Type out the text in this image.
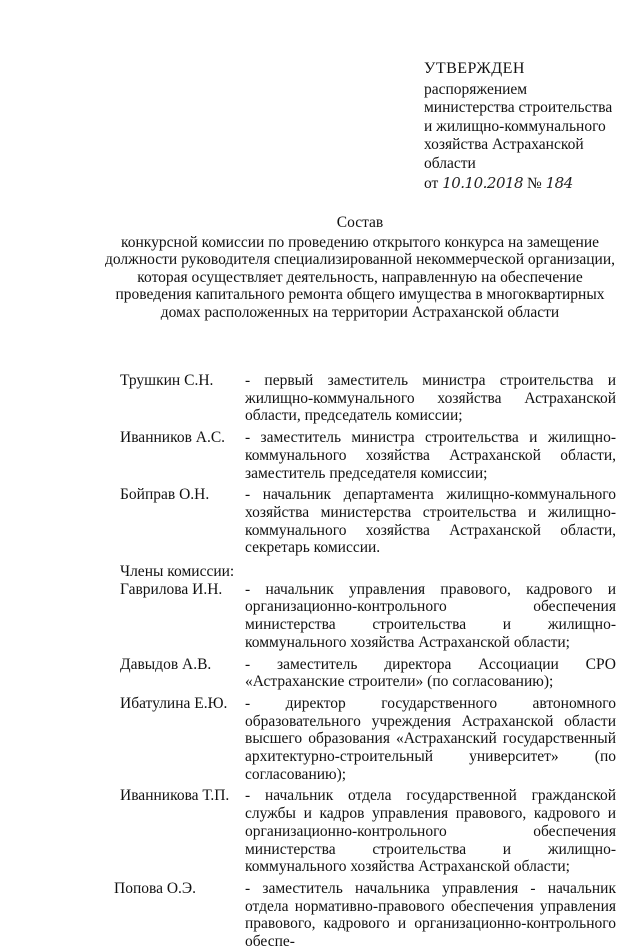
УТВЕРЖДЕН
распоряжением
министерства строительства
и жилищно-коммунального
хозяйства Астраханской
области
от 10.10.2018 № 184
Состав
конкурсной комиссии по проведению открытого конкурса на замещение должности руководителя специализированной некоммерческой организации, которая осуществляет деятельность, направленную на обеспечение проведения капитального ремонта общего имущества в многоквартирных домах расположенных на территории Астраханской области
Трушкин С.Н.	- первый заместитель министра строительства и жилищно-коммунального хозяйства Астраханской области, председатель комиссии;
Иванников А.С.	- заместитель министра строительства и жилищно-коммунального хозяйства Астраханской области, заместитель председателя комиссии;
Бойправ О.Н.	- начальник департамента жилищно-коммунального хозяйства министерства строительства и жилищно-коммунального хозяйства Астраханской области, секретарь комиссии.
Члены комиссии:
Гаврилова И.Н.	- начальник управления правового, кадрового и организационно-контрольного обеспечения министерства строительства и жилищно-коммунального хозяйства Астраханской области;
Давыдов А.В.	- заместитель директора Ассоциации СРО «Астраханские строители» (по согласованию);
Ибатулина Е.Ю.	- директор государственного автономного образовательного учреждения Астраханской области высшего образования «Астраханский государственный архитектурно-строительный университет» (по согласованию);
Иванникова Т.П.	- начальник отдела государственной гражданской службы и кадров управления правового, кадрового и организационно-контрольного обеспечения министерства строительства и жилищно-коммунального хозяйства Астраханской области;
Попова О.Э.	- заместитель начальника управления - начальник отдела нормативно-правового обеспечения управления правового, кадрового и организационно-контрольного обеспе-
